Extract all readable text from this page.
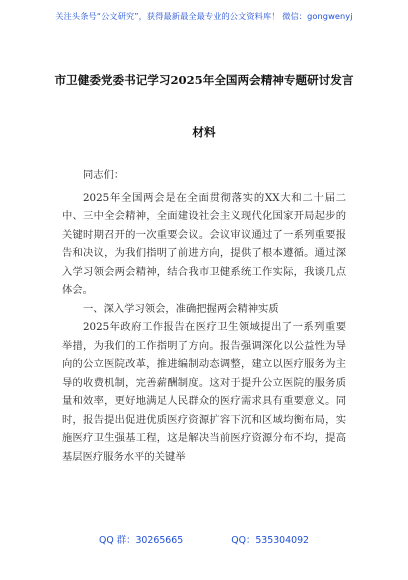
关注头条号“公文研究”，获得最新最全最专业的公文资料库！ 微信：gongwenyj
市卫健委党委书记学习2025年全国两会精神专题研讨发言
材料

同志们：

2025年全国两会是在全面贯彻落实的XX大和二十届二中、三中全会精神，全面建设社会主义现代化国家开局起步的关键时期召开的一次重要会议。会议审议通过了一系列重要报告和决议，为我们指明了前进方向，提供了根本遵循。通过深入学习领会两会精神，结合我市卫健系统工作实际，我谈几点体会。

一、深入学习领会，准确把握两会精神实质

2025年政府工作报告在医疗卫生领域提出了一系列重要举措，为我们的工作指明了方向。报告强调深化以公益性为导向的公立医院改革，推进编制动态调整，建立以医疗服务为主导的收费机制，完善薪酬制度。这对于提升公立医院的服务质量和效率，更好地满足人民群众的医疗需求具有重要意义。同时，报告提出促进优质医疗资源扩容下沉和区域均衡布局，实施医疗卫生强基工程，这是解决当前医疗资源分布不均，提高基层医疗服务水平的关键举

QQ 群：30265665	QQ：535304092
